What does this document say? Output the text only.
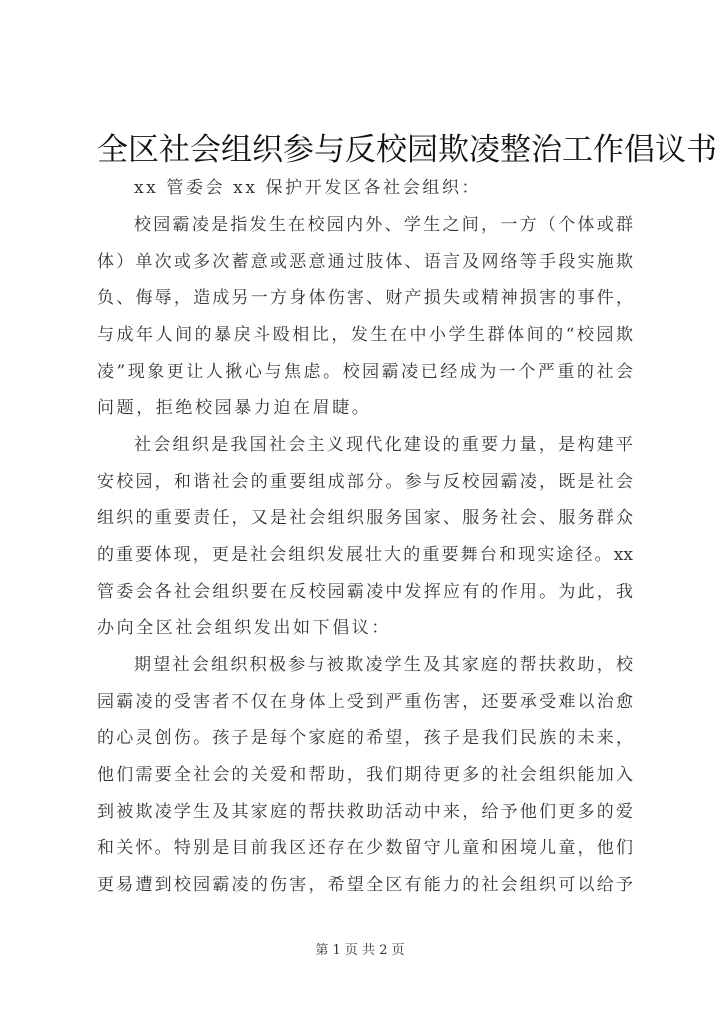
全区社会组织参与反校园欺凌整治工作倡议书
xx 管委会 xx 保护开发区各社会组织：
校园霸凌是指发生在校园内外、学生之间，一方（个体或群
体）单次或多次蓄意或恶意通过肢体、语言及网络等手段实施欺
负、侮辱，造成另一方身体伤害、财产损失或精神损害的事件，
与成年人间的暴戾斗殴相比，发生在中小学生群体间的“校园欺
凌”现象更让人揪心与焦虑。校园霸凌已经成为一个严重的社会
问题，拒绝校园暴力迫在眉睫。
社会组织是我国社会主义现代化建设的重要力量，是构建平
安校园，和谐社会的重要组成部分。参与反校园霸凌，既是社会
组织的重要责任，又是社会组织服务国家、服务社会、服务群众
的重要体现，更是社会组织发展壮大的重要舞台和现实途径。xx
管委会各社会组织要在反校园霸凌中发挥应有的作用。为此，我
办向全区社会组织发出如下倡议：
期望社会组织积极参与被欺凌学生及其家庭的帮扶救助，校
园霸凌的受害者不仅在身体上受到严重伤害，还要承受难以治愈
的心灵创伤。孩子是每个家庭的希望，孩子是我们民族的未来，
他们需要全社会的关爱和帮助，我们期待更多的社会组织能加入
到被欺凌学生及其家庭的帮扶救助活动中来，给予他们更多的爱
和关怀。特别是目前我区还存在少数留守儿童和困境儿童，他们
更易遭到校园霸凌的伤害，希望全区有能力的社会组织可以给予
第 1 页 共 2 页
